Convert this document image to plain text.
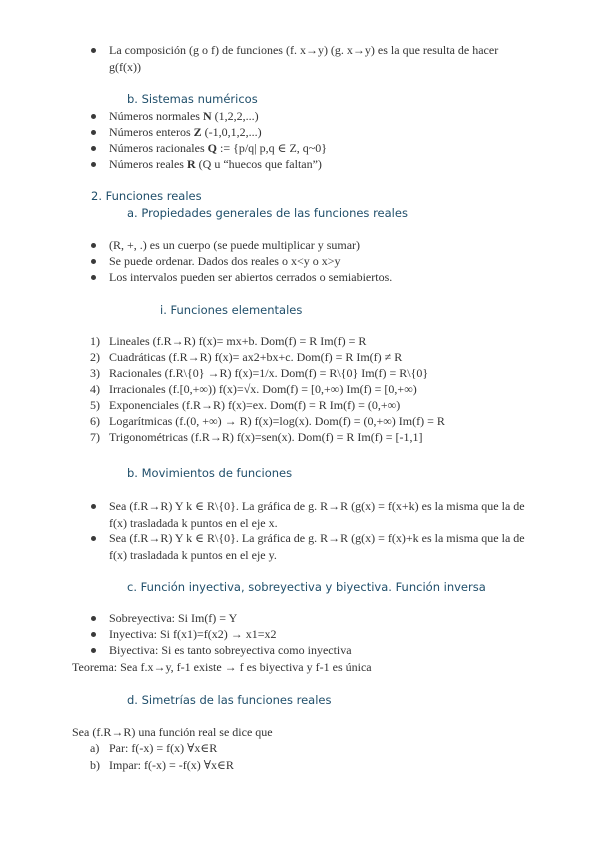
La composición (g o f) de funciones (f. x→y) (g. x→y) es la que resulta de hacer
g(f(x))
b. Sistemas numéricos
Números normales N (1,2,2,...)
Números enteros Z (-1,0,1,2,...)
Números racionales Q := {p/q| p,q ∈ Z, q~0}
Números reales R (Q u “huecos que faltan”)
2. Funciones reales
a. Propiedades generales de las funciones reales
(R, +, .) es un cuerpo (se puede multiplicar y sumar)
Se puede ordenar. Dados dos reales o x<y o x>y
Los intervalos pueden ser abiertos cerrados o semiabiertos.
i. Funciones elementales
1) Lineales (f.R→R) f(x)= mx+b. Dom(f) = R Im(f) = R
2) Cuadráticas (f.R→R) f(x)= ax2+bx+c. Dom(f) = R Im(f) ≠ R
3) Racionales (f.R\{0} →R) f(x)=1/x. Dom(f) = R\{0} Im(f) = R\{0}
4) Irracionales (f.[0,+∞)) f(x)=√x. Dom(f) = [0,+∞) Im(f) = [0,+∞)
5) Exponenciales (f.R→R) f(x)=ex. Dom(f) = R Im(f) = (0,+∞)
6) Logarítmicas (f.(0, +∞) → R) f(x)=log(x). Dom(f) = (0,+∞) Im(f) = R
7) Trigonométricas (f.R→R) f(x)=sen(x). Dom(f) = R Im(f) = [-1,1]
b. Movimientos de funciones
Sea (f.R→R) Y k ∈ R\{0}. La gráfica de g. R→R (g(x) = f(x+k) es la misma que la de
f(x) trasladada k puntos en el eje x.
Sea (f.R→R) Y k ∈ R\{0}. La gráfica de g. R→R (g(x) = f(x)+k es la misma que la de
f(x) trasladada k puntos en el eje y.
c. Función inyectiva, sobreyectiva y biyectiva. Función inversa
Sobreyectiva: Si Im(f) = Y
Inyectiva: Si f(x1)=f(x2) → x1=x2
Biyectiva: Si es tanto sobreyectiva como inyectiva
Teorema: Sea f.x→y, f-1 existe → f es biyectiva y f-1 es única
d. Simetrías de las funciones reales
Sea (f.R→R) una función real se dice que
a) Par: f(-x) = f(x) ∀x∈R
b) Impar: f(-x) = -f(x) ∀x∈R
